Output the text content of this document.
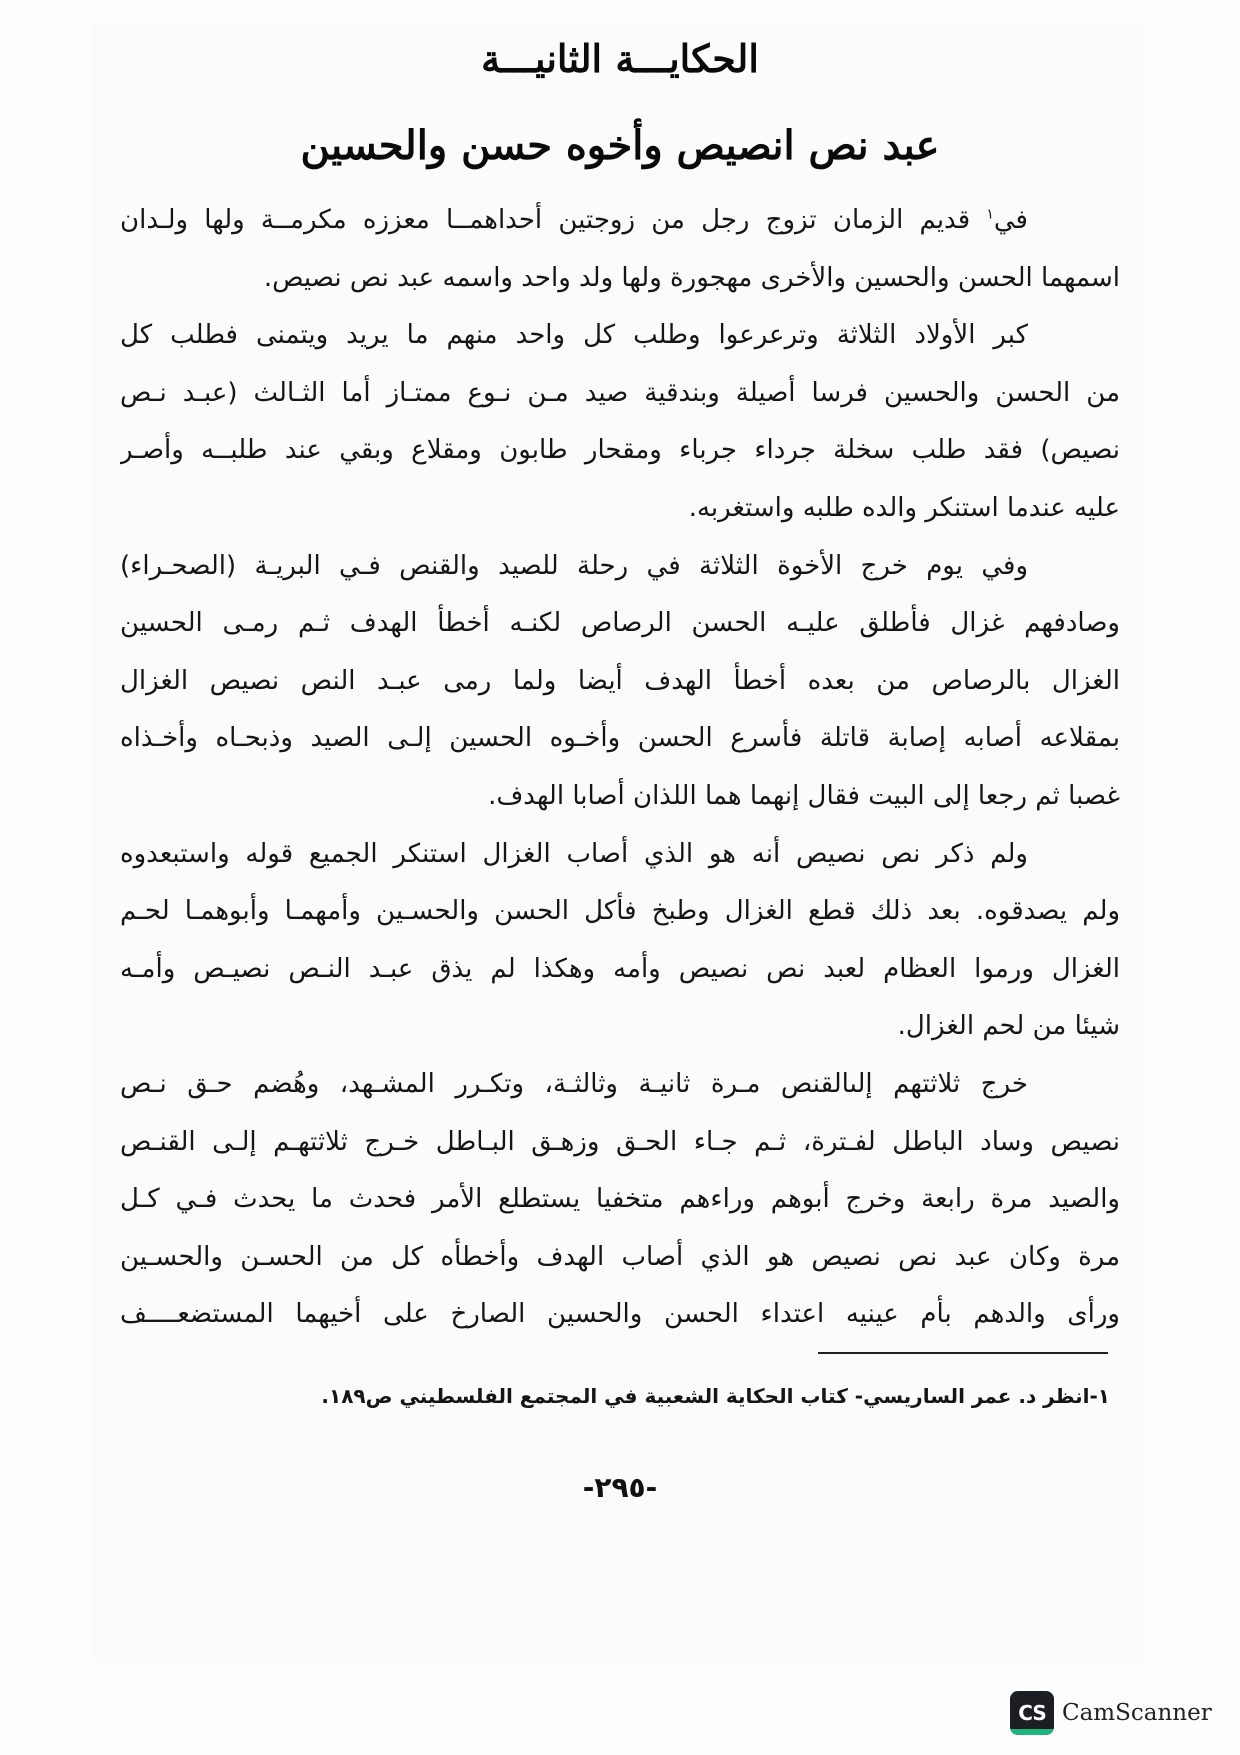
الحكايـــة الثانيـــة
عبد نص انصيص وأخوه حسن والحسين
في$^١$ قديم الزمان تزوج رجل من زوجتين أحداهمــا معززه مكرمــة ولها ولـدان
اسمهما الحسن والحسين والأخرى مهجورة ولها ولد واحد واسمه عبد نص نصيص.
كبر الأولاد الثلاثة وترعرعوا وطلب كل واحد منهم ما يريد ويتمنى فطلب كل
من الحسن والحسين فرسا أصيلة وبندقية صيد مـن نـوع ممتـاز أما الثـالث (عبـد نـص
نصيص) فقد طلب سخلة جرداء جرباء ومقحار طابون ومقلاع وبقي عند طلبــه وأصـر
عليه عندما استنكر والده طلبه واستغربه.
وفي يوم خرج الأخوة الثلاثة في رحلة للصيد والقنص فـي البريـة (الصحـراء)
وصادفهم غزال فأطلق عليـه الحسن الرصاص لكنـه أخطأ الهدف ثـم رمـى الحسين
الغزال بالرصاص من بعده أخطأ الهدف أيضا ولما رمى عبـد النص نصيص الغزال
بمقلاعه أصابه إصابة قاتلة فأسرع الحسن وأخـوه الحسين إلـى الصيد وذبحـاه وأخـذاه
غصبا ثم رجعا إلى البيت فقال إنهما هما اللذان أصابا الهدف.
ولم ذكر نص نصيص أنه هو الذي أصاب الغزال استنكر الجميع قوله واستبعدوه
ولم يصدقوه. بعد ذلك قطع الغزال وطبخ فأكل الحسن والحسـين وأمهمـا وأبوهمـا لحـم
الغزال ورموا العظام لعبد نص نصيص وأمه وهكذا لم يذق عبـد النـص نصيـص وأمـه
شيئا من لحم الغزال.
خرج ثلاثتهم إلىالقنص مـرة ثانيـة وثالثـة، وتكـرر المشـهد، وهُضم حـق نـص
نصيص وساد الباطل لفـترة، ثـم جـاء الحـق وزهـق البـاطل خـرج ثلاثتهـم إلـى القنـص
والصيد مرة رابعة وخرج أبوهم وراءهم متخفيا يستطلع الأمر فحدث ما يحدث فـي كـل
مرة وكان عبد نص نصيص هو الذي أصاب الهدف وأخطأه كل من الحسـن والحسـين
ورأى والدهم بأم عينيه اعتداء الحسن والحسين الصارخ على أخيهما المستضعــــف
١-انظر د. عمر الساريسي- كتاب الحكاية الشعبية في المجتمع الفلسطيني ص١٨٩.
-٢٩٥-
CS CamScanner
